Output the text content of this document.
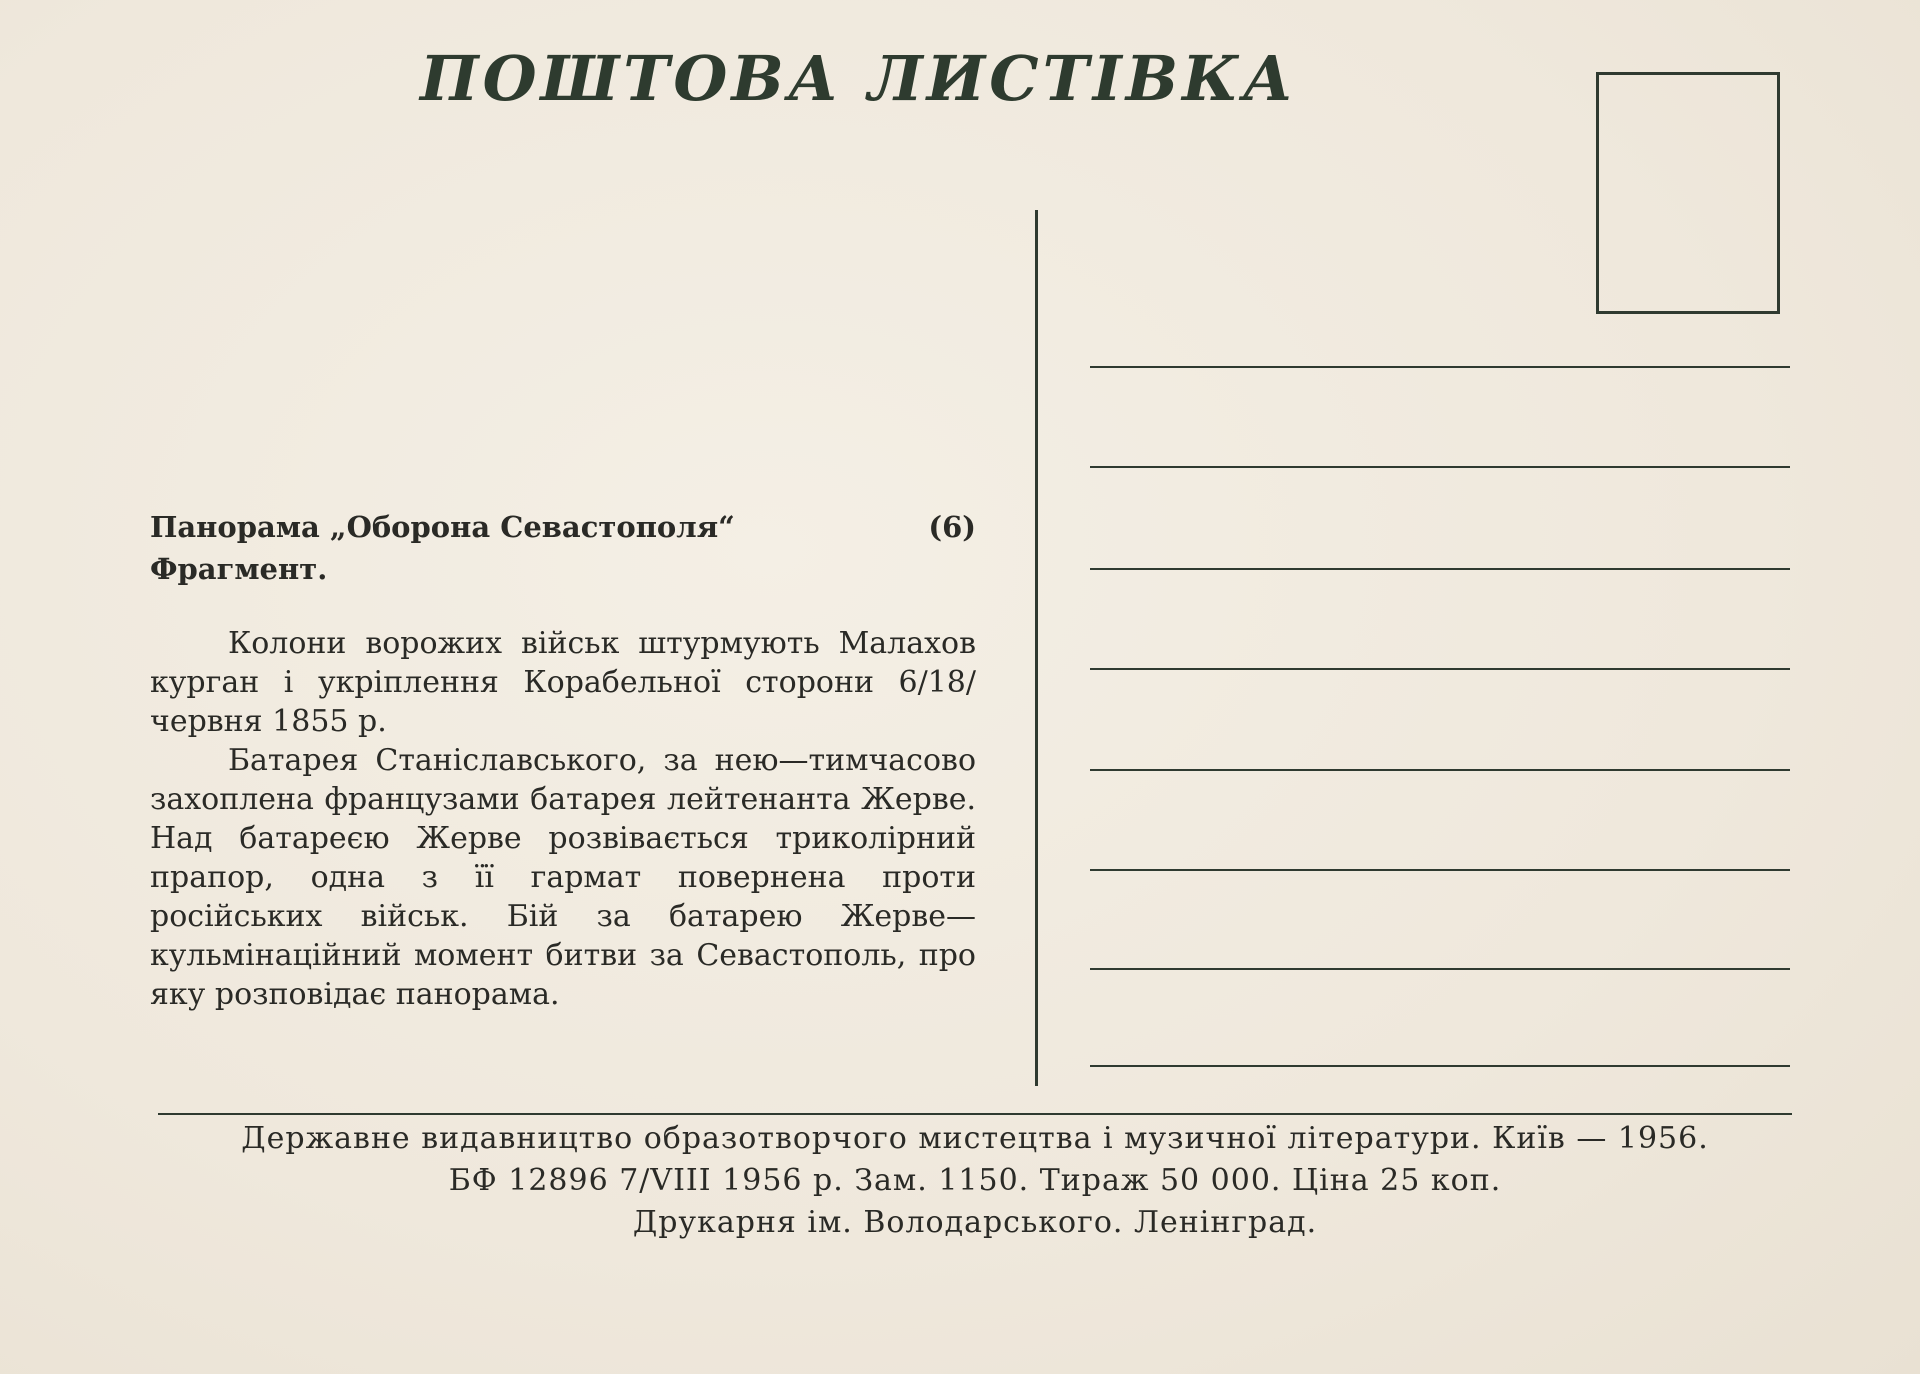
ПОШТОВА ЛИСТІВКА
Панорама „Оборона Севастополя“	(6)
Фрагмент.

Колони ворожих військ штурмують Малахов курган і укріплення Корабельної сторони 6/18/ червня 1855 р.

Батарея Станіславського, за нею—тимчасово захоплена французами батарея лейтенанта Жерве. Над батареєю Жерве розвівається триколірний прапор, одна з її гармат повернена проти російських військ. Бій за батарею Жерве—кульмінаційний момент битви за Севастополь, про яку розповідає панорама.

Державне видавництво образотворчого мистецтва і музичної літератури. Київ — 1956.
БФ 12896 7/VIII 1956 р. Зам. 1150. Тираж 50 000. Ціна 25 коп.
Друкарня ім. Володарського. Ленінград.
